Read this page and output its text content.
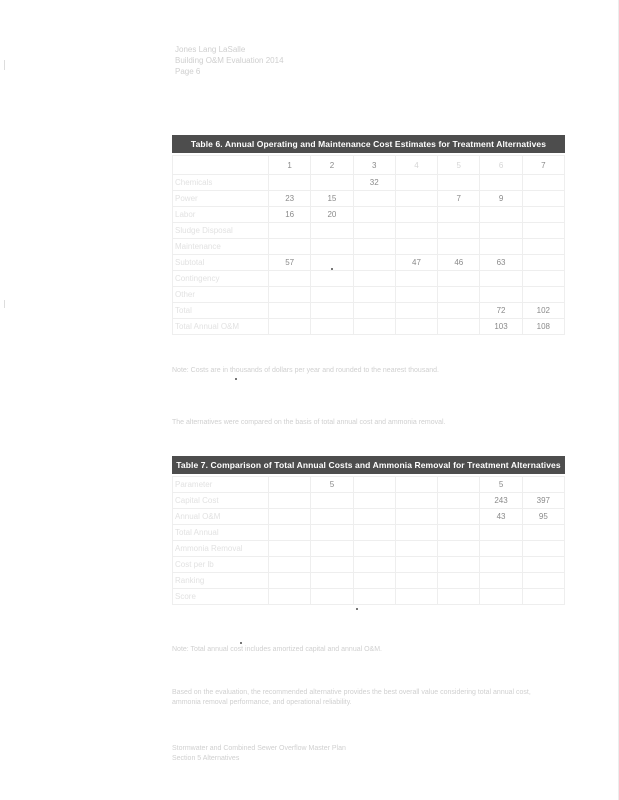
Jones Lang LaSalle
Building O&M Evaluation 2014
Page 6
Table 6. Annual Operating and Maintenance Cost Estimates for Treatment Alternatives
	1	2	3	4	5	6	7
Chemicals			32				
Power	23	15			7	9	
Labor	16	20					
Sludge Disposal							
Maintenance							
Subtotal	57			47	46	63	
Contingency							
Other							
Total						72	102
Total Annual O&M						103	108
Note: Costs are in thousands of dollars per year and rounded to the nearest thousand.
The alternatives were compared on the basis of total annual cost and ammonia removal.
Table 7. Comparison of Total Annual Costs and Ammonia Removal for Treatment Alternatives
Parameter		5				5	
Capital Cost						243	397
Annual O&M						43	95
Total Annual							
Ammonia Removal							
Cost per lb							
Ranking							
Score							
Note: Total annual cost includes amortized capital and annual O&M.
Based on the evaluation, the recommended alternative provides the best overall value considering total annual cost, ammonia removal performance, and operational reliability.
Stormwater and Combined Sewer Overflow Master Plan
Section 5 Alternatives
